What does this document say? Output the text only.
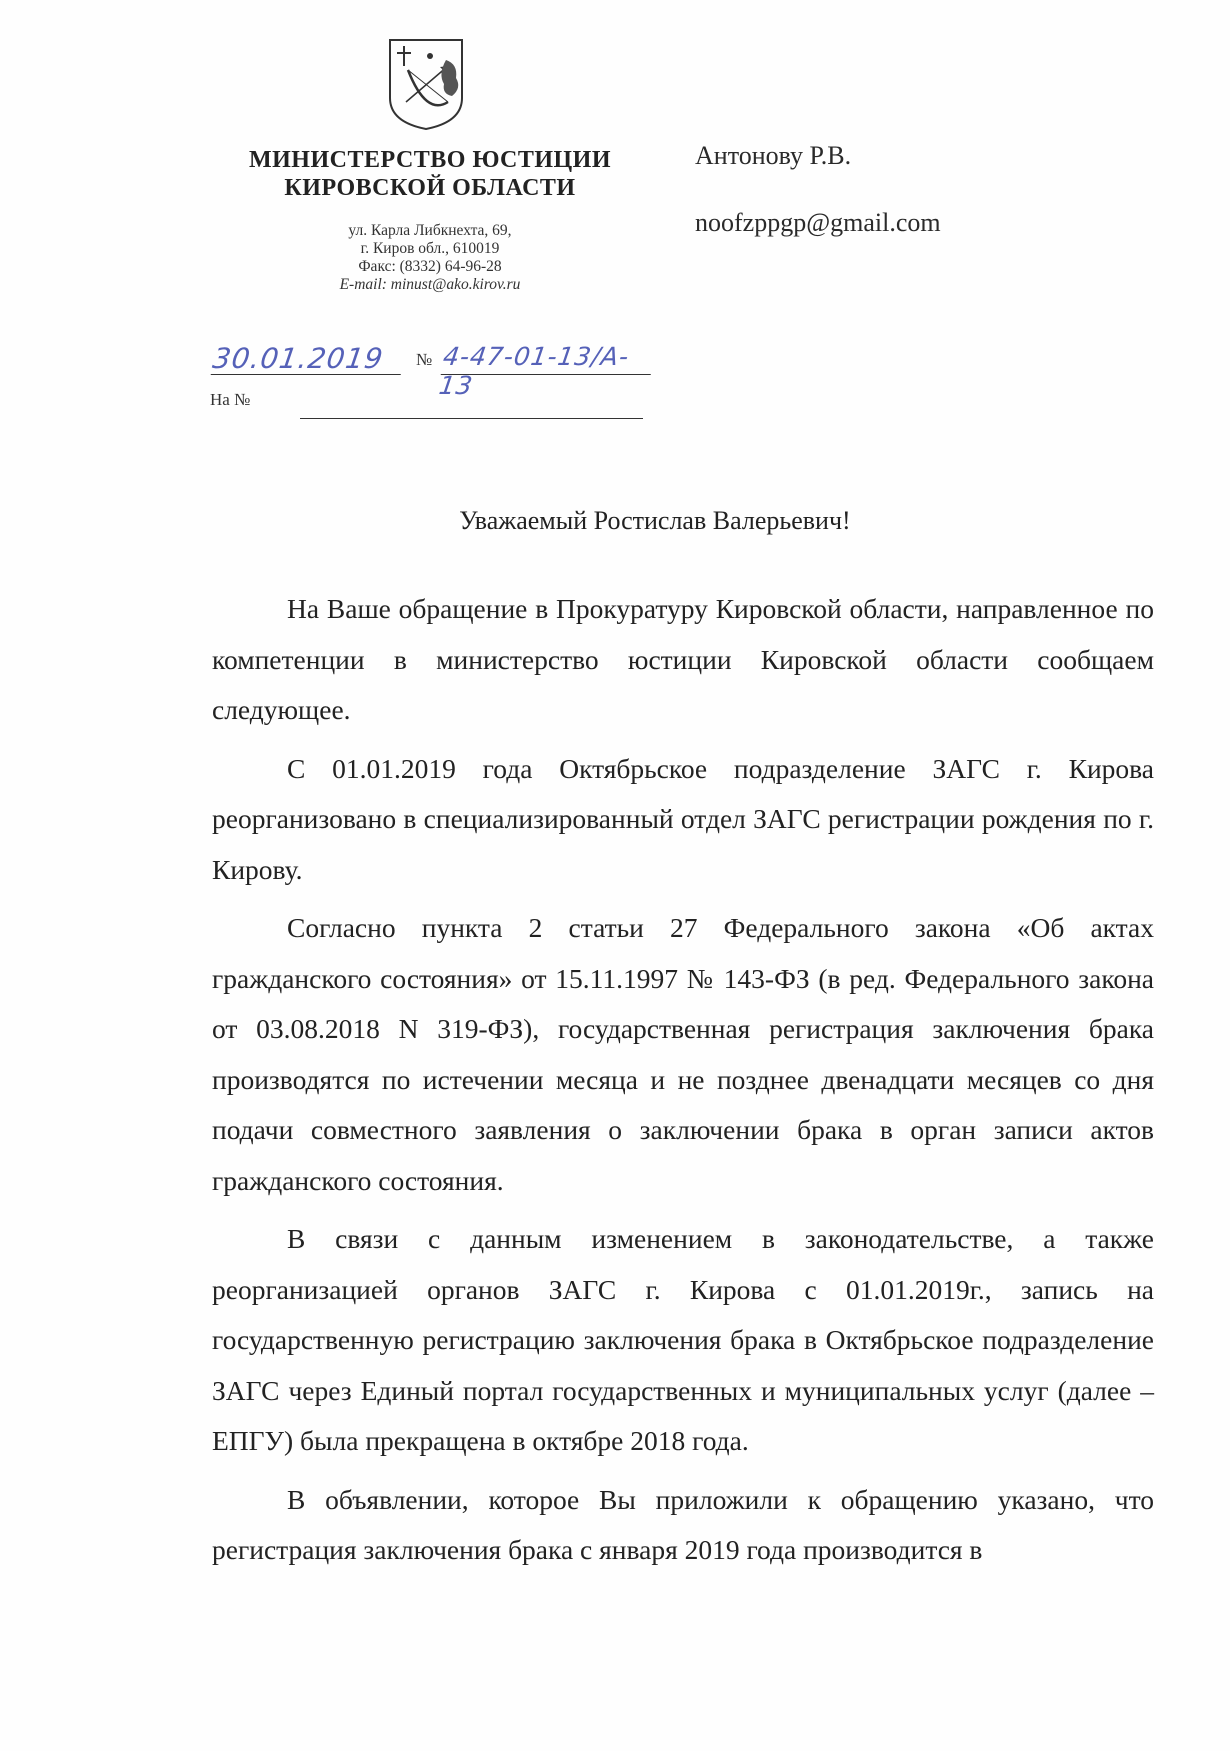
МИНИСТЕРСТВО ЮСТИЦИИ
КИРОВСКОЙ ОБЛАСТИ
ул. Карла Либкнехта, 69,
г. Киров обл., 610019
Факс: (8332) 64-96-28
E-mail: minust@ako.kirov.ru
Антонову Р.В.
noofzppgp@gmail.com
30.01.2019	№ 4-47-01-13/A-13
На №
Уважаемый Ростислав Валерьевич!

На Ваше обращение в Прокуратуру Кировской области, направленное по компетенции в министерство юстиции Кировской области сообщаем следующее.

С 01.01.2019 года Октябрьское подразделение ЗАГС г. Кирова реорганизовано в специализированный отдел ЗАГС регистрации рождения по г. Кирову.

Согласно пункта 2 статьи 27 Федерального закона «Об актах гражданского состояния» от 15.11.1997 № 143-ФЗ (в ред. Федерального закона от 03.08.2018 N 319-ФЗ), государственная регистрация заключения брака производятся по истечении месяца и не позднее двенадцати месяцев со дня подачи совместного заявления о заключении брака в орган записи актов гражданского состояния.

В связи с данным изменением в законодательстве, а также реорганизацией органов ЗАГС г. Кирова с 01.01.2019г., запись на государственную регистрацию заключения брака в Октябрьское подразделение ЗАГС через Единый портал государственных и муниципальных услуг (далее – ЕПГУ) была прекращена в октябре 2018 года.

В объявлении, которое Вы приложили к обращению указано, что регистрация заключения брака с января 2019 года производится в
